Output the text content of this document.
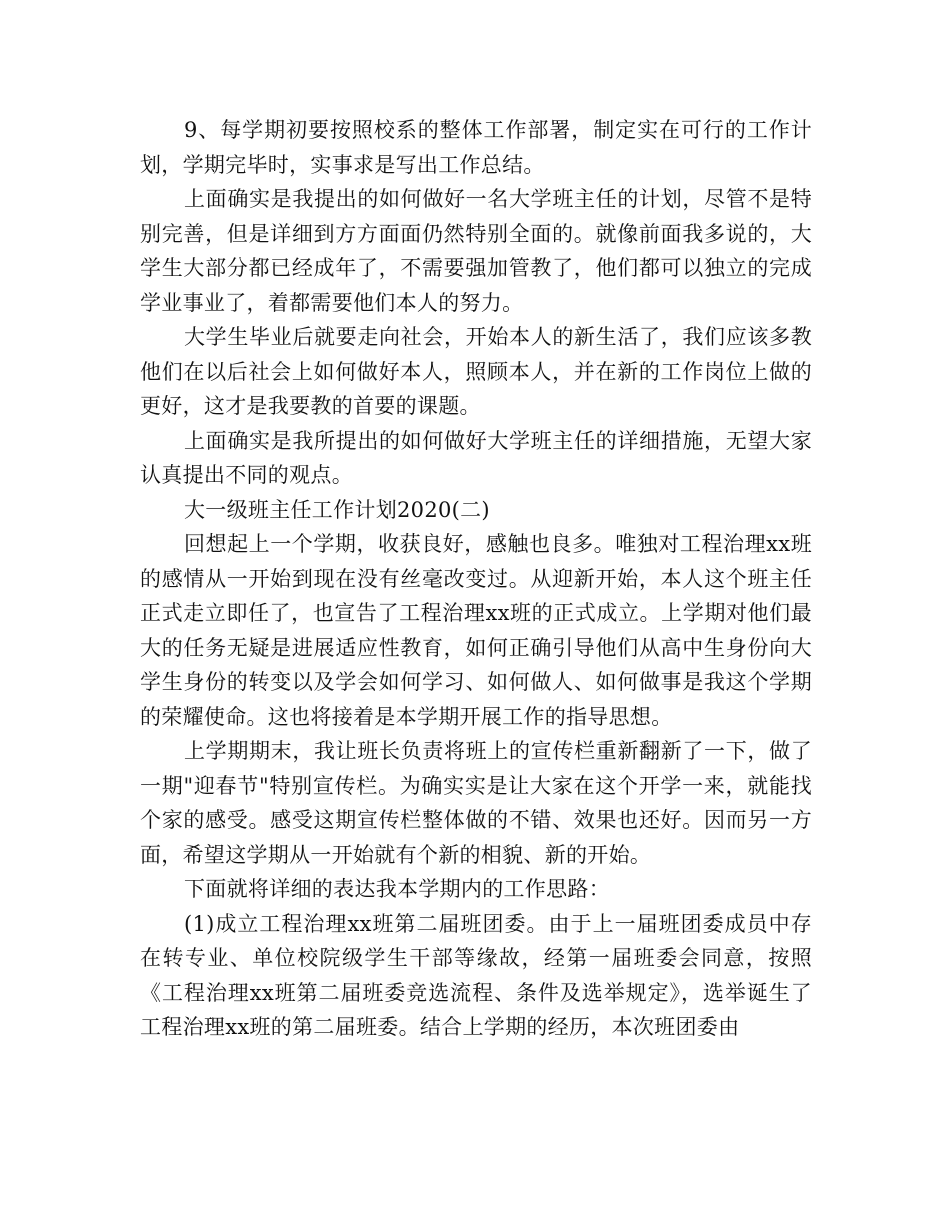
9、每学期初要按照校系的整体工作部署，制定实在可行的工作计划，学期完毕时，实事求是写出工作总结。

上面确实是我提出的如何做好一名大学班主任的计划，尽管不是特别完善，但是详细到方方面面仍然特别全面的。就像前面我多说的，大学生大部分都已经成年了，不需要强加管教了，他们都可以独立的完成学业事业了，着都需要他们本人的努力。

大学生毕业后就要走向社会，开始本人的新生活了，我们应该多教他们在以后社会上如何做好本人，照顾本人，并在新的工作岗位上做的更好，这才是我要教的首要的课题。

上面确实是我所提出的如何做好大学班主任的详细措施，无望大家认真提出不同的观点。

大一级班主任工作计划2020(二)

回想起上一个学期，收获良好，感触也良多。唯独对工程治理xx班的感情从一开始到现在没有丝毫改变过。从迎新开始，本人这个班主任正式走立即任了，也宣告了工程治理xx班的正式成立。上学期对他们最大的任务无疑是进展适应性教育，如何正确引导他们从高中生身份向大学生身份的转变以及学会如何学习、如何做人、如何做事是我这个学期的荣耀使命。这也将接着是本学期开展工作的指导思想。

上学期期末，我让班长负责将班上的宣传栏重新翻新了一下，做了一期"迎春节"特别宣传栏。为确实实是让大家在这个开学一来，就能找个家的感受。感受这期宣传栏整体做的不错、效果也还好。因而另一方面，希望这学期从一开始就有个新的相貌、新的开始。

下面就将详细的表达我本学期内的工作思路：

(1)成立工程治理xx班第二届班团委。由于上一届班团委成员中存在转专业、单位校院级学生干部等缘故，经第一届班委会同意，按照《工程治理xx班第二届班委竞选流程、条件及选举规定》，选举诞生了工程治理xx班的第二届班委。结合上学期的经历，本次班团委由
